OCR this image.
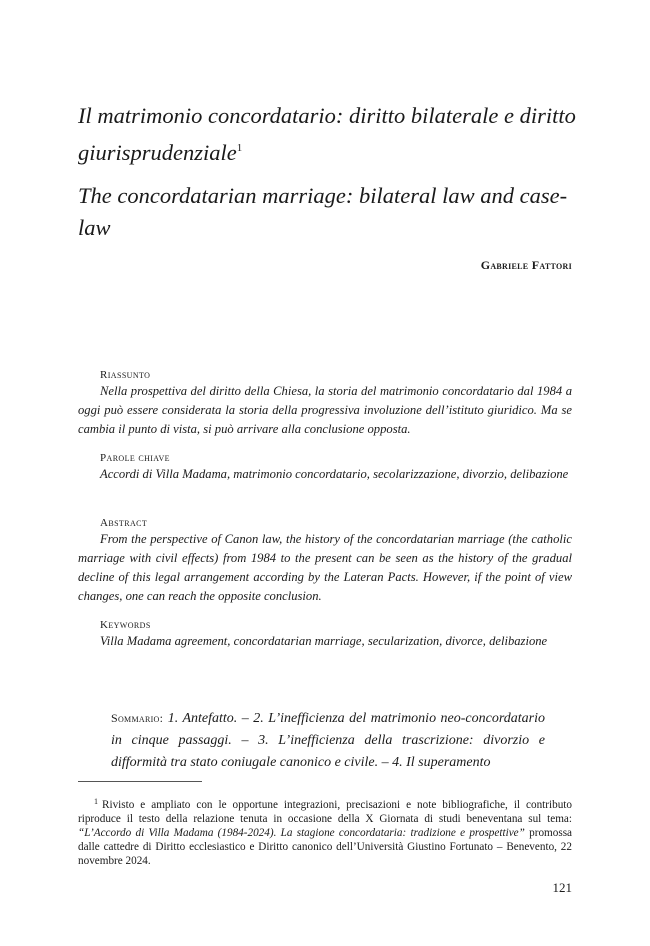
Il matrimonio concordatario: diritto bilaterale e diritto giurisprudenziale$^1$
The concordatarian marriage: bilateral law and case-law
Gabriele Fattori

Riassunto

Nella prospettiva del diritto della Chiesa, la storia del matrimonio concordatario dal 1984 a oggi può essere considerata la storia della progressiva involuzione dell’istituto giuridico. Ma se cambia il punto di vista, si può arrivare alla conclusione opposta.

Parole chiave

Accordi di Villa Madama, matrimonio concordatario, secolarizzazione, divorzio, delibazione

Abstract

From the perspective of Canon law, the history of the concordatarian marriage (the catholic marriage with civil effects) from 1984 to the present can be seen as the history of the gradual decline of this legal arrangement according by the Lateran Pacts. However, if the point of view changes, one can reach the opposite conclusion.

Keywords

Villa Madama agreement, concordatarian marriage, secularization, divorce, delibazione

Sommario: 1. Antefatto. – 2. L’inefficienza del matrimonio neo-concordatario in cinque passaggi. – 3. L’inefficienza della trascrizione: divorzio e difformità tra stato coniugale canonico e civile. – 4. Il superamento

$^1$ Rivisto e ampliato con le opportune integrazioni, precisazioni e note bibliografiche, il contributo riproduce il testo della relazione tenuta in occasione della X Giornata di studi beneventana sul tema: “L’Accordo di Villa Madama (1984-2024). La stagione concordataria: tradizione e prospettive” promossa dalle cattedre di Diritto ecclesiastico e Diritto canonico dell’Università Giustino Fortunato – Benevento, 22 novembre 2024.

121
